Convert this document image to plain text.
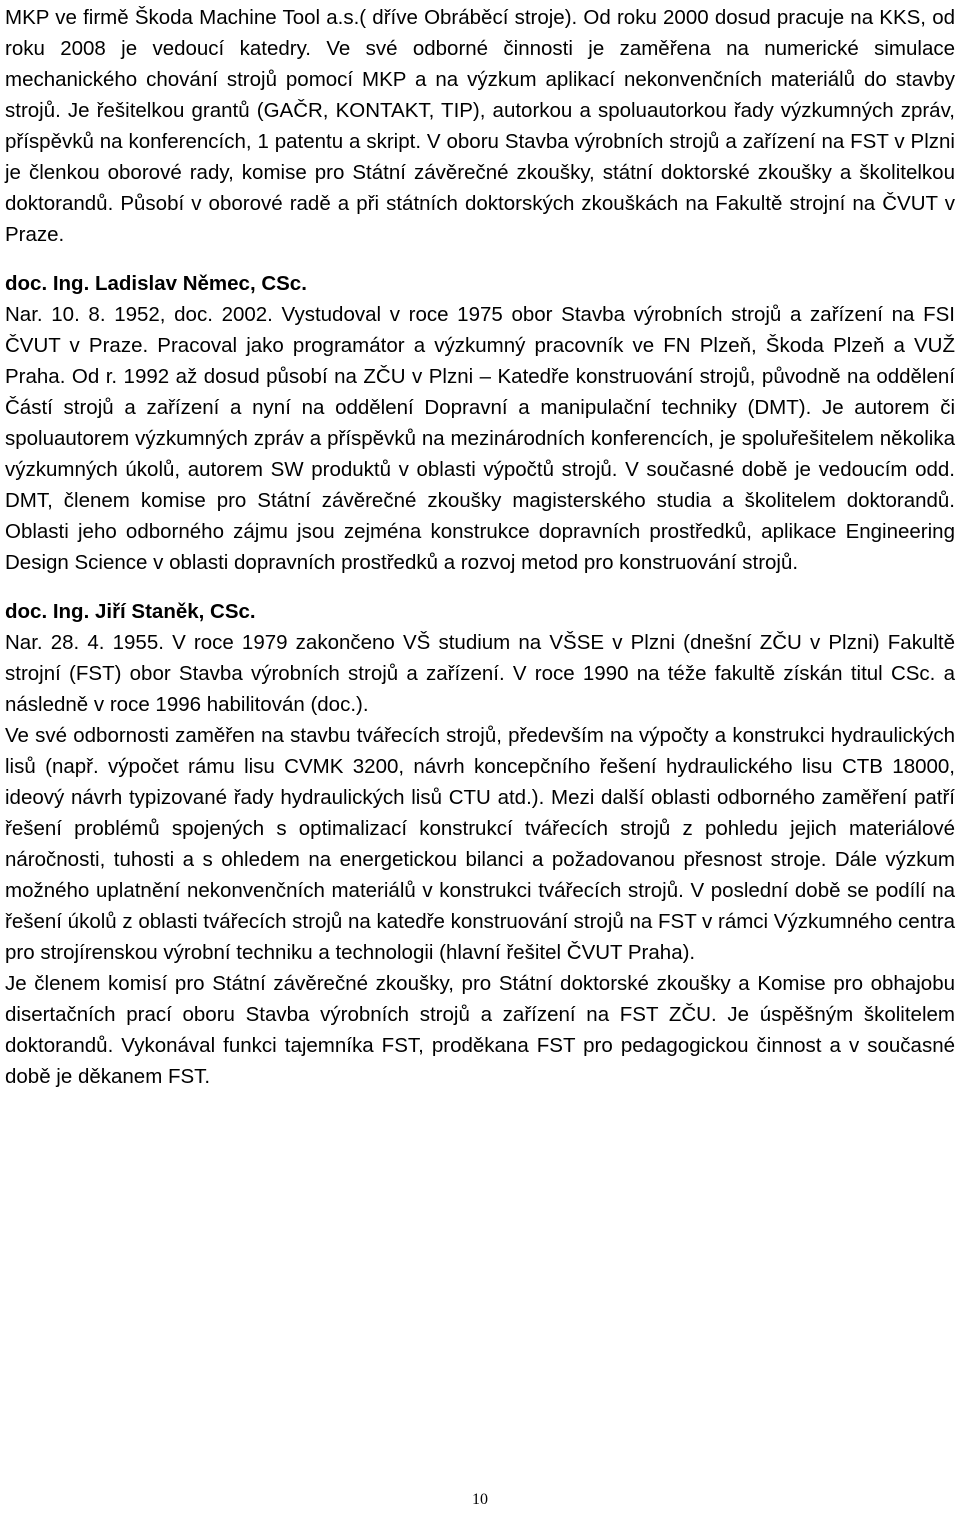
MKP ve firmě Škoda Machine Tool a.s.( dříve Obráběcí stroje). Od roku 2000 dosud pracuje na KKS, od roku 2008 je vedoucí katedry. Ve své odborné činnosti je zaměřena na numerické simulace mechanického chování strojů pomocí MKP a na výzkum aplikací nekonvenčních materiálů do stavby strojů. Je řešitelkou grantů (GAČR, KONTAKT, TIP), autorkou a spoluautorkou řady výzkumných zpráv, příspěvků na konferencích, 1 patentu a skript. V oboru Stavba výrobních strojů a zařízení na FST v Plzni je členkou oborové rady, komise pro Státní závěrečné zkoušky, státní doktorské zkoušky a školitelkou doktorandů. Působí v oborové radě a při státních doktorských zkouškách na Fakultě strojní na ČVUT v Praze.

doc. Ing. Ladislav Němec, CSc.

Nar. 10. 8. 1952, doc. 2002. Vystudoval v roce 1975 obor Stavba výrobních strojů a zařízení na FSI ČVUT v Praze. Pracoval jako programátor a výzkumný pracovník ve FN Plzeň, Škoda Plzeň a VUŽ Praha. Od r. 1992 až dosud působí na ZČU v Plzni – Katedře konstruování strojů, původně na oddělení Částí strojů a zařízení a nyní na oddělení Dopravní a manipulační techniky (DMT). Je autorem či spoluautorem výzkumných zpráv a příspěvků na mezinárodních konferencích, je spoluřešitelem několika výzkumných úkolů, autorem SW produktů v oblasti výpočtů strojů. V současné době je vedoucím odd. DMT, členem komise pro Státní závěrečné zkoušky magisterského studia a školitelem doktorandů. Oblasti jeho odborného zájmu jsou zejména konstrukce dopravních prostředků, aplikace Engineering Design Science v oblasti dopravních prostředků a rozvoj metod pro konstruování strojů.

doc. Ing. Jiří Staněk, CSc.

Nar. 28. 4. 1955. V roce 1979 zakončeno VŠ studium na VŠSE v Plzni (dnešní ZČU v Plzni) Fakultě strojní (FST) obor Stavba výrobních strojů a zařízení. V roce 1990 na téže fakultě získán titul CSc. a následně v roce 1996 habilitován (doc.).

Ve své odbornosti zaměřen na stavbu tvářecích strojů, především na výpočty a konstrukci hydraulických lisů (např. výpočet rámu lisu CVMK 3200, návrh koncepčního řešení hydraulického lisu CTB 18000, ideový návrh typizované řady hydraulických lisů CTU atd.). Mezi další oblasti odborného zaměření patří řešení problémů spojených s optimalizací konstrukcí tvářecích strojů z pohledu jejich materiálové náročnosti, tuhosti a s ohledem na energetickou bilanci a požadovanou přesnost stroje. Dále výzkum možného uplatnění nekonvenčních materiálů v konstrukci tvářecích strojů. V poslední době se podílí na řešení úkolů z oblasti tvářecích strojů na katedře konstruování strojů na FST v rámci Výzkumného centra pro strojírenskou výrobní techniku a technologii (hlavní řešitel ČVUT Praha).

Je členem komisí pro Státní závěrečné zkoušky, pro Státní doktorské zkoušky a Komise pro obhajobu disertačních prací oboru Stavba výrobních strojů a zařízení na FST ZČU. Je úspěšným školitelem doktorandů. Vykonával funkci tajemníka FST, proděkana FST pro pedagogickou činnost a v současné době je děkanem FST.

10
